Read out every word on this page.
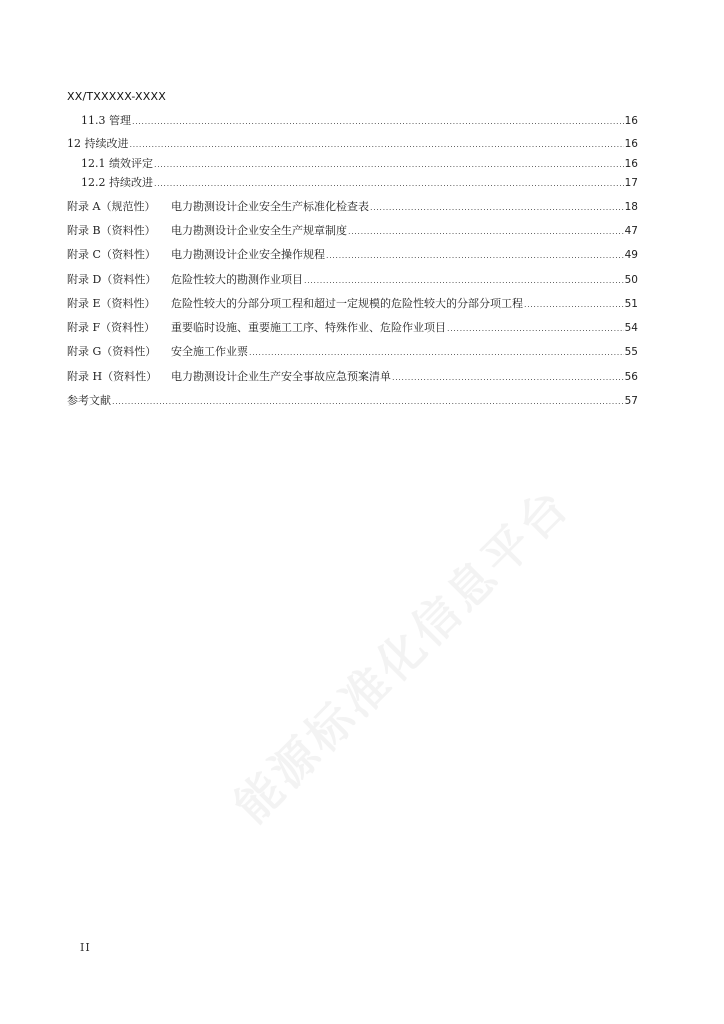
XX/TXXXXX-XXXX
11.3 管理 .....	16
12 持续改进 .....	16
12.1 绩效评定 .....	16
12.2 持续改进 .....	17
附录 A（规范性） 电力勘测设计企业安全生产标准化检查表 .....	18
附录 B（资料性） 电力勘测设计企业安全生产规章制度 .....	47
附录 C（资料性） 电力勘测设计企业安全操作规程 .....	49
附录 D（资料性） 危险性较大的勘测作业项目 .....	50
附录 E（资料性） 危险性较大的分部分项工程和超过一定规模的危险性较大的分部分项工程 .....	51
附录 F（资料性） 重要临时设施、重要施工工序、特殊作业、危险作业项目 .....	54
附录 G（资料性） 安全施工作业票 .....	55
附录 H（资料性） 电力勘测设计企业生产安全事故应急预案清单 .....	56
参考文献 .....	57
能源标准化信息平台
II
